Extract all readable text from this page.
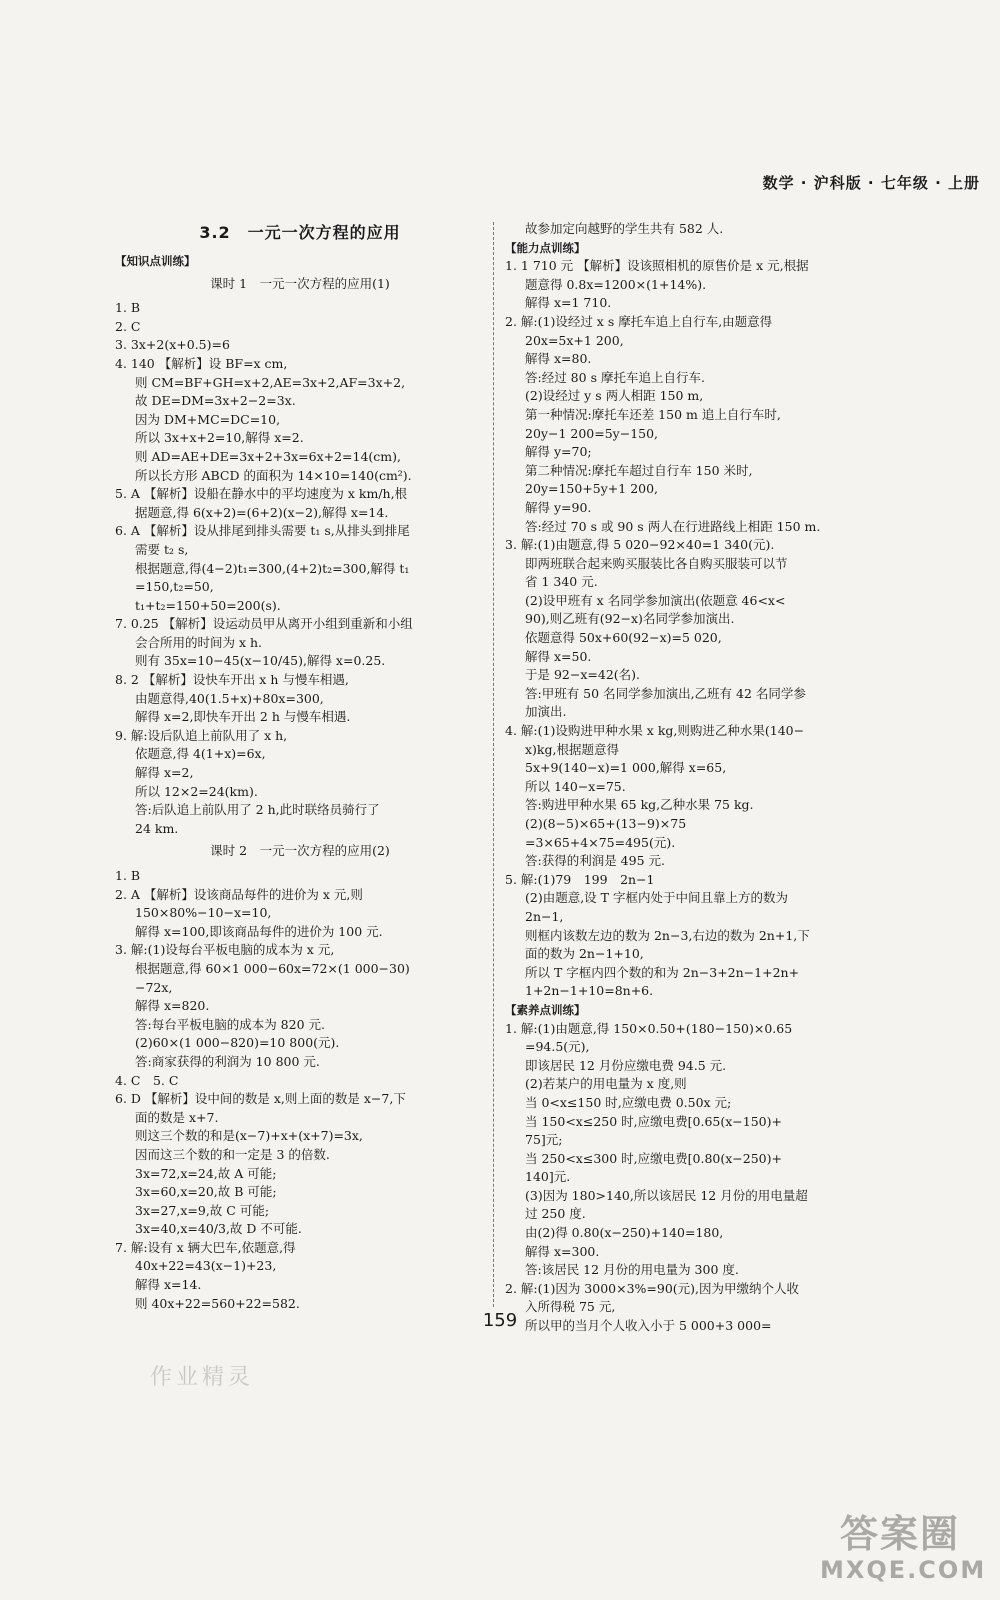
数学 · 沪科版 · 七年级 · 上册
3.2　一元一次方程的应用
【知识点训练】
课时 1　一元一次方程的应用(1)
1. B
2. C
3. 3x+2(x+0.5)=6
4. 140 【解析】设 BF=x cm,
则 CM=BF+GH=x+2,AE=3x+2,AF=3x+2,
故 DE=DM=3x+2−2=3x.
因为 DM+MC=DC=10,
所以 3x+x+2=10,解得 x=2.
则 AD=AE+DE=3x+2+3x=6x+2=14(cm),
所以长方形 ABCD 的面积为 14×10=140(cm²).
5. A 【解析】设船在静水中的平均速度为 x km/h,根
据题意,得 6(x+2)=(6+2)(x−2),解得 x=14.
6. A 【解析】设从排尾到排头需要 t₁ s,从排头到排尾
需要 t₂ s,
根据题意,得(4−2)t₁=300,(4+2)t₂=300,解得 t₁
=150,t₂=50,
t₁+t₂=150+50=200(s).
7. 0.25 【解析】设运动员甲从离开小组到重新和小组
会合所用的时间为 x h.
则有 35x=10−45(x−10/45),解得 x=0.25.
8. 2 【解析】设快车开出 x h 与慢车相遇,
由题意得,40(1.5+x)+80x=300,
解得 x=2,即快车开出 2 h 与慢车相遇.
9. 解:设后队追上前队用了 x h,
依题意,得 4(1+x)=6x,
解得 x=2,
所以 12×2=24(km).
答:后队追上前队用了 2 h,此时联络员骑行了
24 km.
课时 2　一元一次方程的应用(2)
1. B
2. A 【解析】设该商品每件的进价为 x 元,则
150×80%−10−x=10,
解得 x=100,即该商品每件的进价为 100 元.
3. 解:(1)设每台平板电脑的成本为 x 元,
根据题意,得 60×1 000−60x=72×(1 000−30)
−72x,
解得 x=820.
答:每台平板电脑的成本为 820 元.
(2)60×(1 000−820)=10 800(元).
答:商家获得的利润为 10 800 元.
4. C　5. C
6. D 【解析】设中间的数是 x,则上面的数是 x−7,下
面的数是 x+7.
则这三个数的和是(x−7)+x+(x+7)=3x,
因而这三个数的和一定是 3 的倍数.
3x=72,x=24,故 A 可能;
3x=60,x=20,故 B 可能;
3x=27,x=9,故 C 可能;
3x=40,x=40/3,故 D 不可能.
7. 解:设有 x 辆大巴车,依题意,得
40x+22=43(x−1)+23,
解得 x=14.
则 40x+22=560+22=582.
故参加定向越野的学生共有 582 人.
【能力点训练】
1. 1 710 元 【解析】设该照相机的原售价是 x 元,根据
题意得 0.8x=1200×(1+14%).
解得 x=1 710.
2. 解:(1)设经过 x s 摩托车追上自行车,由题意得
20x=5x+1 200,
解得 x=80.
答:经过 80 s 摩托车追上自行车.
(2)设经过 y s 两人相距 150 m,
第一种情况:摩托车还差 150 m 追上自行车时,
20y−1 200=5y−150,
解得 y=70;
第二种情况:摩托车超过自行车 150 米时,
20y=150+5y+1 200,
解得 y=90.
答:经过 70 s 或 90 s 两人在行进路线上相距 150 m.
3. 解:(1)由题意,得 5 020−92×40=1 340(元).
即两班联合起来购买服装比各自购买服装可以节
省 1 340 元.
(2)设甲班有 x 名同学参加演出(依题意 46<x<
90),则乙班有(92−x)名同学参加演出.
依题意得 50x+60(92−x)=5 020,
解得 x=50.
于是 92−x=42(名).
答:甲班有 50 名同学参加演出,乙班有 42 名同学参
加演出.
4. 解:(1)设购进甲种水果 x kg,则购进乙种水果(140−
x)kg,根据题意得
5x+9(140−x)=1 000,解得 x=65,
所以 140−x=75.
答:购进甲种水果 65 kg,乙种水果 75 kg.
(2)(8−5)×65+(13−9)×75
=3×65+4×75=495(元).
答:获得的利润是 495 元.
5. 解:(1)79　199　2n−1
(2)由题意,设 T 字框内处于中间且靠上方的数为
2n−1,
则框内该数左边的数为 2n−3,右边的数为 2n+1,下
面的数为 2n−1+10,
所以 T 字框内四个数的和为 2n−3+2n−1+2n+
1+2n−1+10=8n+6.
【素养点训练】
1. 解:(1)由题意,得 150×0.50+(180−150)×0.65
=94.5(元),
即该居民 12 月份应缴电费 94.5 元.
(2)若某户的用电量为 x 度,则
当 0<x≤150 时,应缴电费 0.50x 元;
当 150<x≤250 时,应缴电费[0.65(x−150)+
75]元;
当 250<x≤300 时,应缴电费[0.80(x−250)+
140]元.
(3)因为 180>140,所以该居民 12 月份的用电量超
过 250 度.
由(2)得 0.80(x−250)+140=180,
解得 x=300.
答:该居民 12 月份的用电量为 300 度.
2. 解:(1)因为 3000×3%=90(元),因为甲缴纳个人收
入所得税 75 元,
所以甲的当月个人收入小于 5 000+3 000=
159
作业精灵
答案圈
MXQE.COM
